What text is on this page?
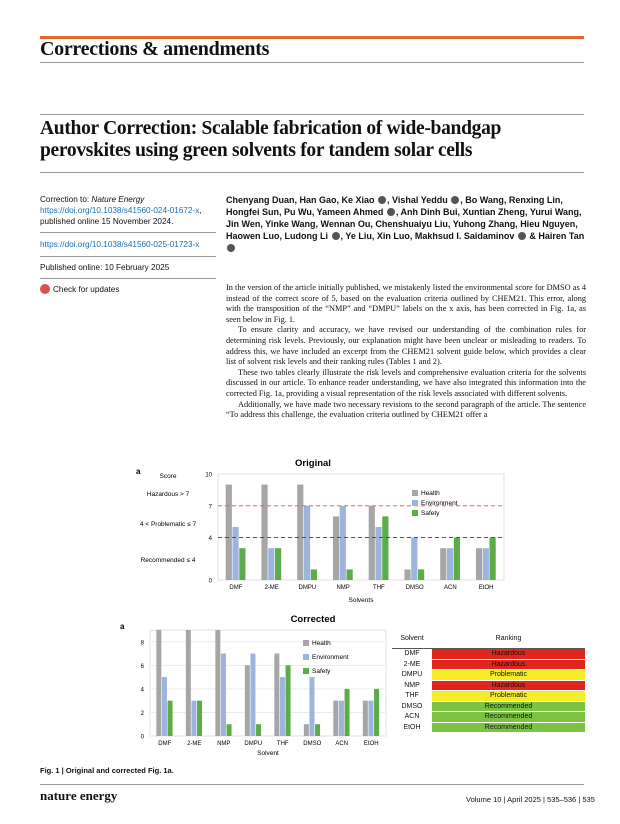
Corrections & amendments
Author Correction: Scalable fabrication of wide-bandgap perovskites using green solvents for tandem solar cells
Correction to: Nature Energy
https://doi.org/10.1038/s41560-024-01672-x, published online 15 November 2024.
https://doi.org/10.1038/s41560-025-01723-x
Published online: 10 February 2025
Check for updates
Chenyang Duan, Han Gao, Ke Xiao , Vishal Yeddu , Bo Wang, Renxing Lin, Hongfei Sun, Pu Wu, Yameen Ahmed , Anh Dinh Bui, Xuntian Zheng, Yurui Wang, Jin Wen, Yinke Wang, Wennan Ou, Chenshuaiyu Liu, Yuhong Zhang, Hieu Nguyen, Haowen Luo, Ludong Li , Ye Liu, Xin Luo, Makhsud I. Saidaminov  & Hairen Tan

In the version of the article initially published, we mistakenly listed the environmental score for DMSO as 4 instead of the correct score of 5, based on the evaluation criteria outlined by CHEM21. This error, along with the transposition of the “NMP” and “DMPU” labels on the x axis, has been corrected in Fig. 1a, as seen below in Fig. 1.

To ensure clarity and accuracy, we have revised our understanding of the combination rules for determining risk levels. Previously, our explanation might have been unclear or misleading to readers. To address this, we have included an excerpt from the CHEM21 solvent guide below, which provides a clear list of solvent risk levels and their ranking rules (Tables 1 and 2).

These two tables clearly illustrate the risk levels and comprehensive evaluation criteria for the solvents discussed in our article. To enhance reader understanding, we have also integrated this information into the corrected Fig. 1a, providing a visual representation of the risk levels associated with different solvents.

Additionally, we have made two necessary revisions to the second paragraph of the article. The sentence “To address this challenge, the evaluation criteria outlined by CHEM21 offer a

Original
a
Score
Hazardous > 7
4 < Problematic ≤ 7
Recommended ≤ 4
0
4
7
10
DMF	2-ME	DMPU	NMP	THF	DMSO	ACN	EtOH
Health
Environment
Safety
Solvents
Corrected
a
0
2
4
6
8
DMF	2-ME	NMP DMPU THF DMSO ACN	EtOH
Health
Environment
Safety
Solvent
Solvent	Ranking
DMF	Hazardous
2-ME	Hazardous
DMPU	Problematic
NMP	Hazardous
THF	Problematic
DMSO	Recommended
ACN	Recommended
EtOH	Recommended
Fig. 1 | Original and corrected Fig. 1a.
nature energy	Volume 10 | April 2025 | 535–536 | 535
